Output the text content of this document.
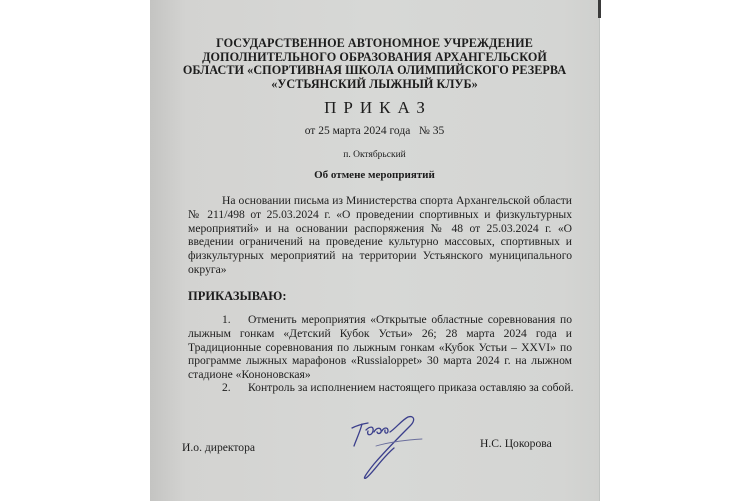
ГОСУДАРСТВЕННОЕ АВТОНОМНОЕ УЧРЕЖДЕНИЕ
ДОПОЛНИТЕЛЬНОГО ОБРАЗОВАНИЯ АРХАНГЕЛЬСКОЙ
ОБЛАСТИ «СПОРТИВНАЯ ШКОЛА ОЛИМПИЙСКОГО РЕЗЕРВА
«УСТЬЯНСКИЙ ЛЫЖНЫЙ КЛУБ»
ПРИКАЗ
от 25 марта 2024 года   № 35
п. Октябрьский
Об отмене мероприятий
На основании письма из Министерства спорта Архангельской области
№ 211/498 от 25.03.2024 г. «О проведении спортивных и физкультурных
мероприятий» и на основании распоряжения № 48 от 25.03.2024 г. «О
введении ограничений на проведение культурно массовых, спортивных и
физкультурных мероприятий на территории Устьянского муниципального
округа»
ПРИКАЗЫВАЮ:
1. Отменить мероприятия «Открытые областные соревнования по
лыжным гонкам «Детский Кубок Устьи» 26; 28 марта 2024 года и
Традиционные соревнования по лыжным гонкам «Кубок Устьи – XXVI» по
программе лыжных марафонов «Russialoppet» 30 марта 2024 г. на лыжном
стадионе «Кононовская»
2. Контроль за исполнением настоящего приказа оставляю за собой.
И.о. директора	Н.С. Цокорова
